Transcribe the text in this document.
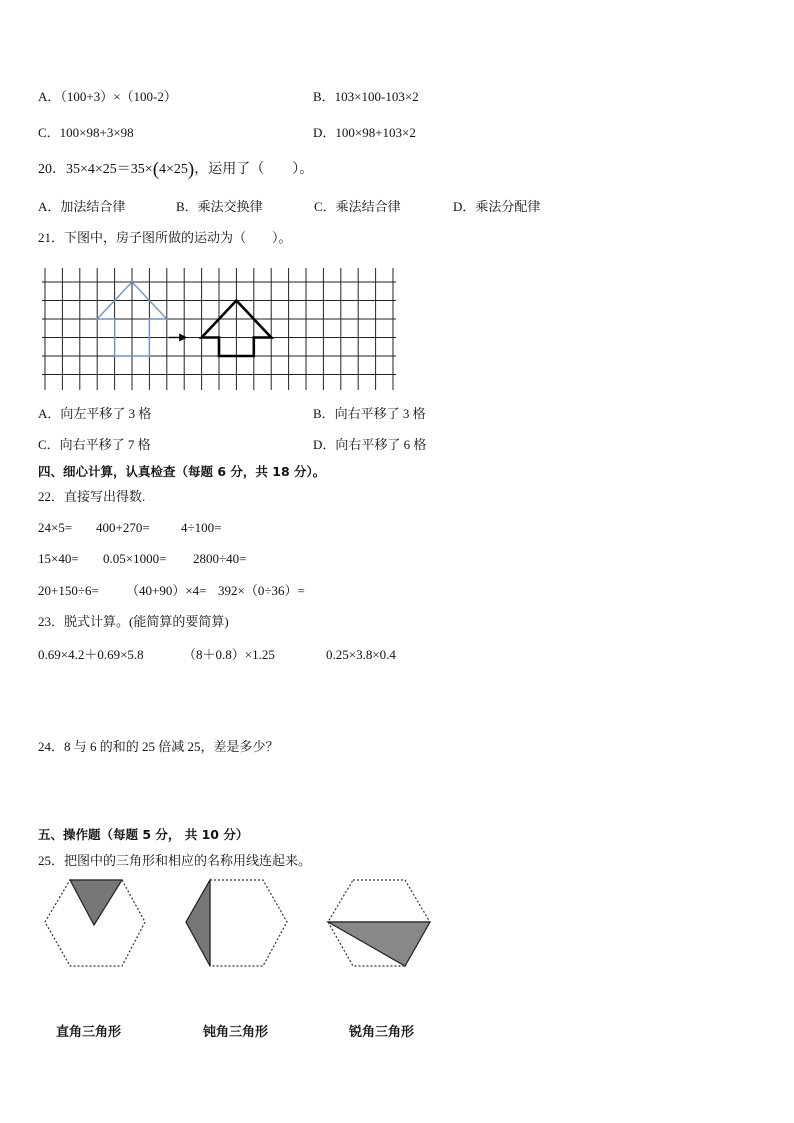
A．（100+3）×（100-2）	B．103×100-103×2
C．100×98+3×98	D．100×98+103×2
20．35×4×25＝35×(4×25)，运用了（　　）。
A．加法结合律	B．乘法交换律	C．乘法结合律	D．乘法分配律
21．下图中，房子图所做的运动为（　　）。
A．向左平移了 3 格	B．向右平移了 3 格
C．向右平移了 7 格	D．向右平移了 6 格
四、细心计算，认真检查（每题 6 分，共 18 分）。
22．直接写出得数.
24×5= 400+270= 4÷100=
15×40= 0.05×1000= 2800÷40=
20+150÷6= （40+90）×4= 392×（0÷36）=
23．脱式计算。(能简算的要简算)
0.69×4.2＋0.69×5.8	（8＋0.8）×1.25	0.25×3.8×0.4
24．8 与 6 的和的 25 倍减 25，差是多少？
五、操作题（每题 5 分， 共 10 分）
25．把图中的三角形和相应的名称用线连起来。
直角三角形	钝角三角形	锐角三角形
